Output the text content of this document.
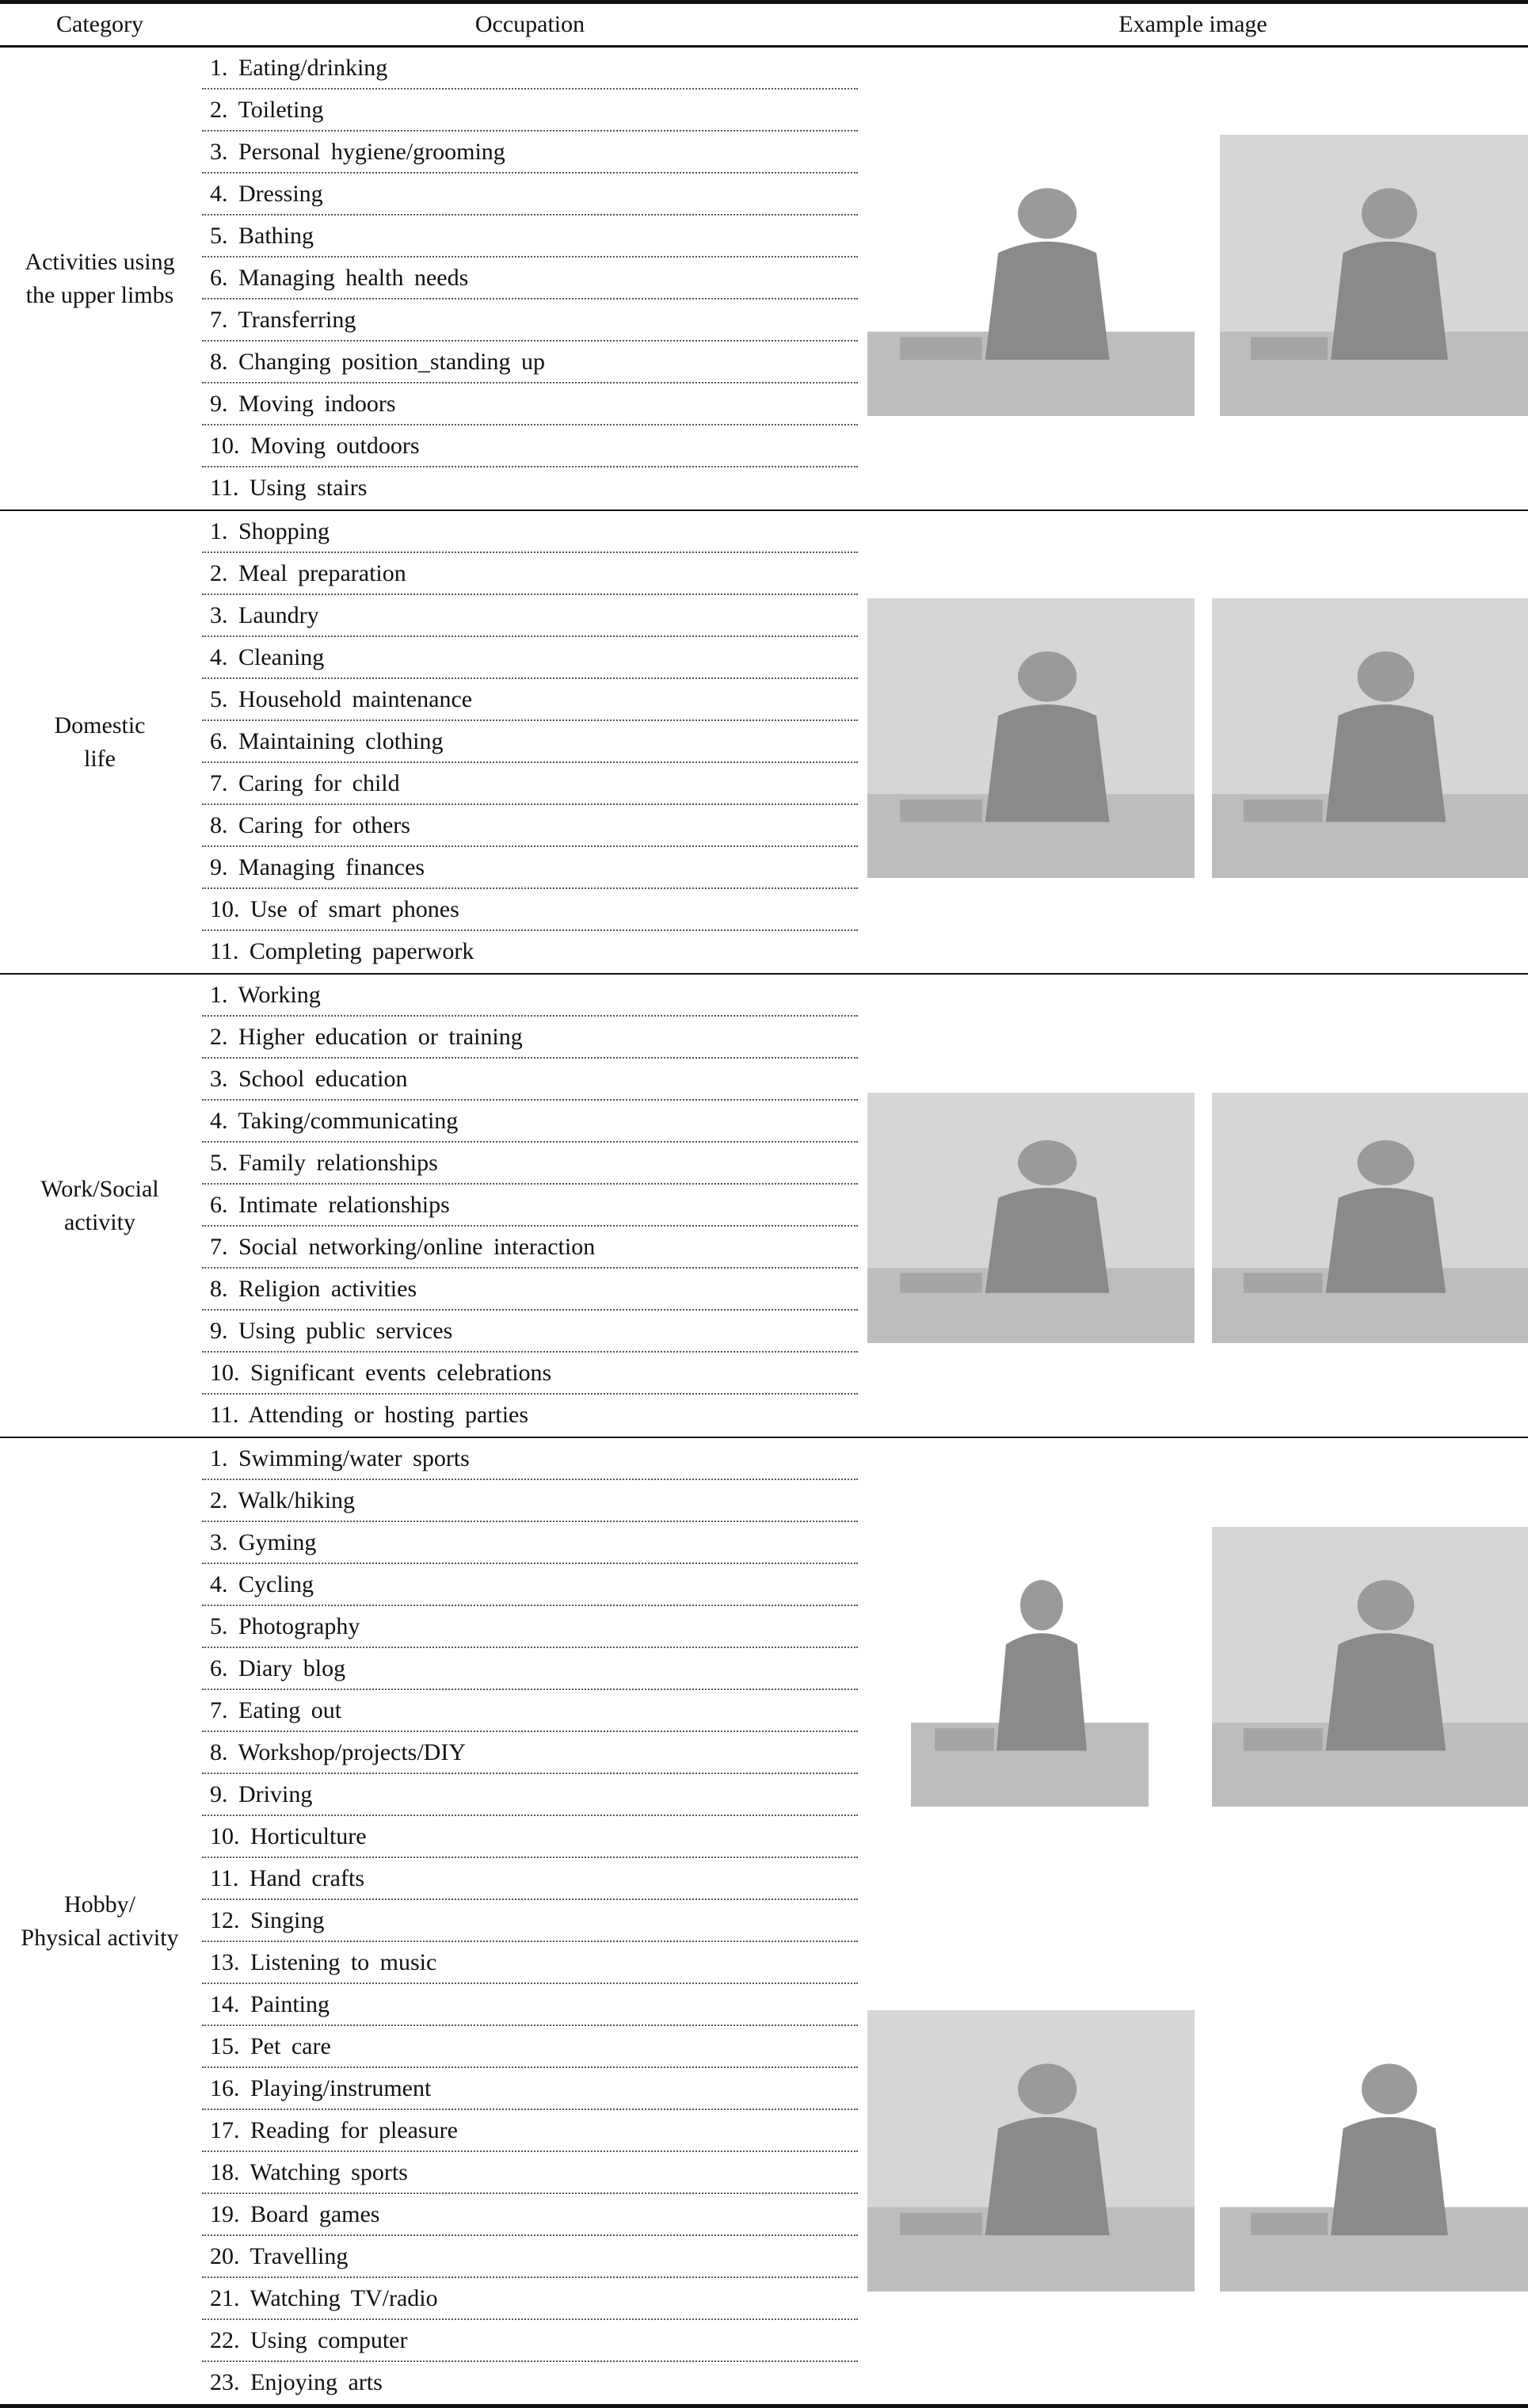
Category	Occupation	Example image
Activities using
the upper limbs
1. Eating/drinking
2. Toileting
3. Personal hygiene/grooming
4. Dressing
5. Bathing
6. Managing health needs
7. Transferring
8. Changing position_standing up
9. Moving indoors
10. Moving outdoors
11. Using stairs
Domestic
life
1. Shopping
2. Meal preparation
3. Laundry
4. Cleaning
5. Household maintenance
6. Maintaining clothing
7. Caring for child
8. Caring for others
9. Managing finances
10. Use of smart phones
11. Completing paperwork
Work/Social
activity
1. Working
2. Higher education or training
3. School education
4. Taking/communicating
5. Family relationships
6. Intimate relationships
7. Social networking/online interaction
8. Religion activities
9. Using public services
10. Significant events celebrations
11. Attending or hosting parties
Hobby/
Physical activity
1. Swimming/water sports
2. Walk/hiking
3. Gyming
4. Cycling
5. Photography
6. Diary blog
7. Eating out
8. Workshop/projects/DIY
9. Driving
10. Horticulture
11. Hand crafts
12. Singing
13. Listening to music
14. Painting
15. Pet care
16. Playing/instrument
17. Reading for pleasure
18. Watching sports
19. Board games
20. Travelling
21. Watching TV/radio
22. Using computer
23. Enjoying arts
